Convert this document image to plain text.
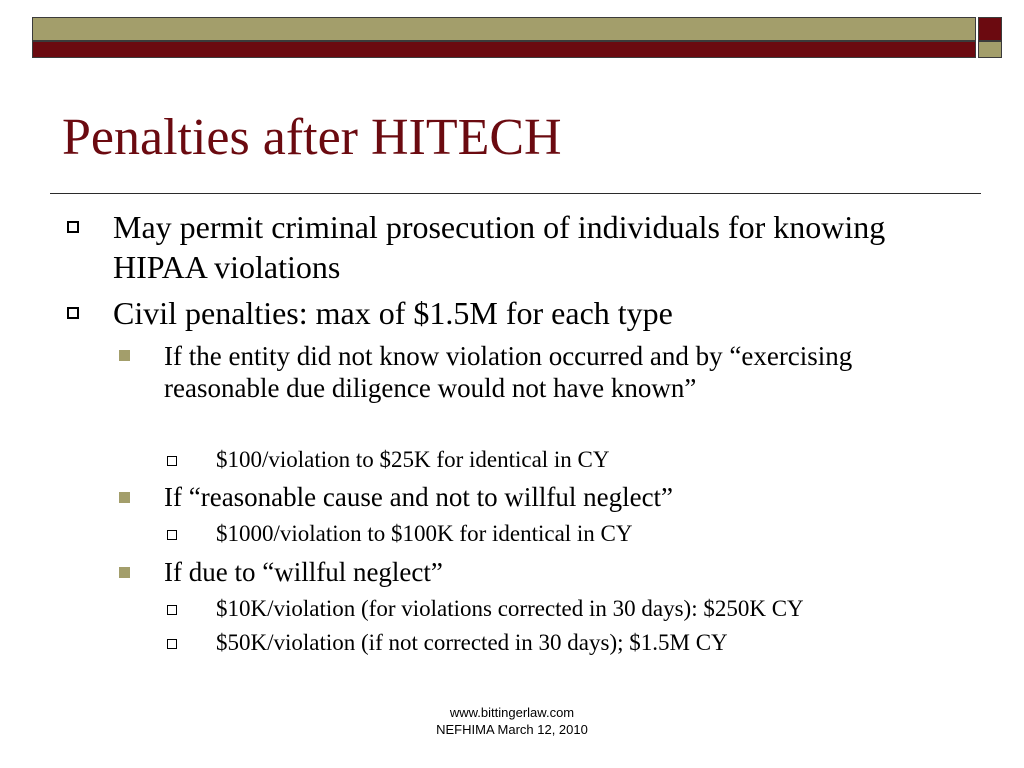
Penalties after HITECH
May permit criminal prosecution of individuals for knowing HIPAA violations
Civil penalties: max of $1.5M for each type
If the entity did not know violation occurred and by “exercising reasonable due diligence would not have known”
$100/violation to $25K for identical in CY
If “reasonable cause and not to willful neglect”
$1000/violation to $100K for identical in CY
If due to “willful neglect”
$10K/violation (for violations corrected in 30 days): $250K CY
$50K/violation (if not corrected in 30 days); $1.5M CY
www.bittingerlaw.com
NEFHIMA March 12, 2010
